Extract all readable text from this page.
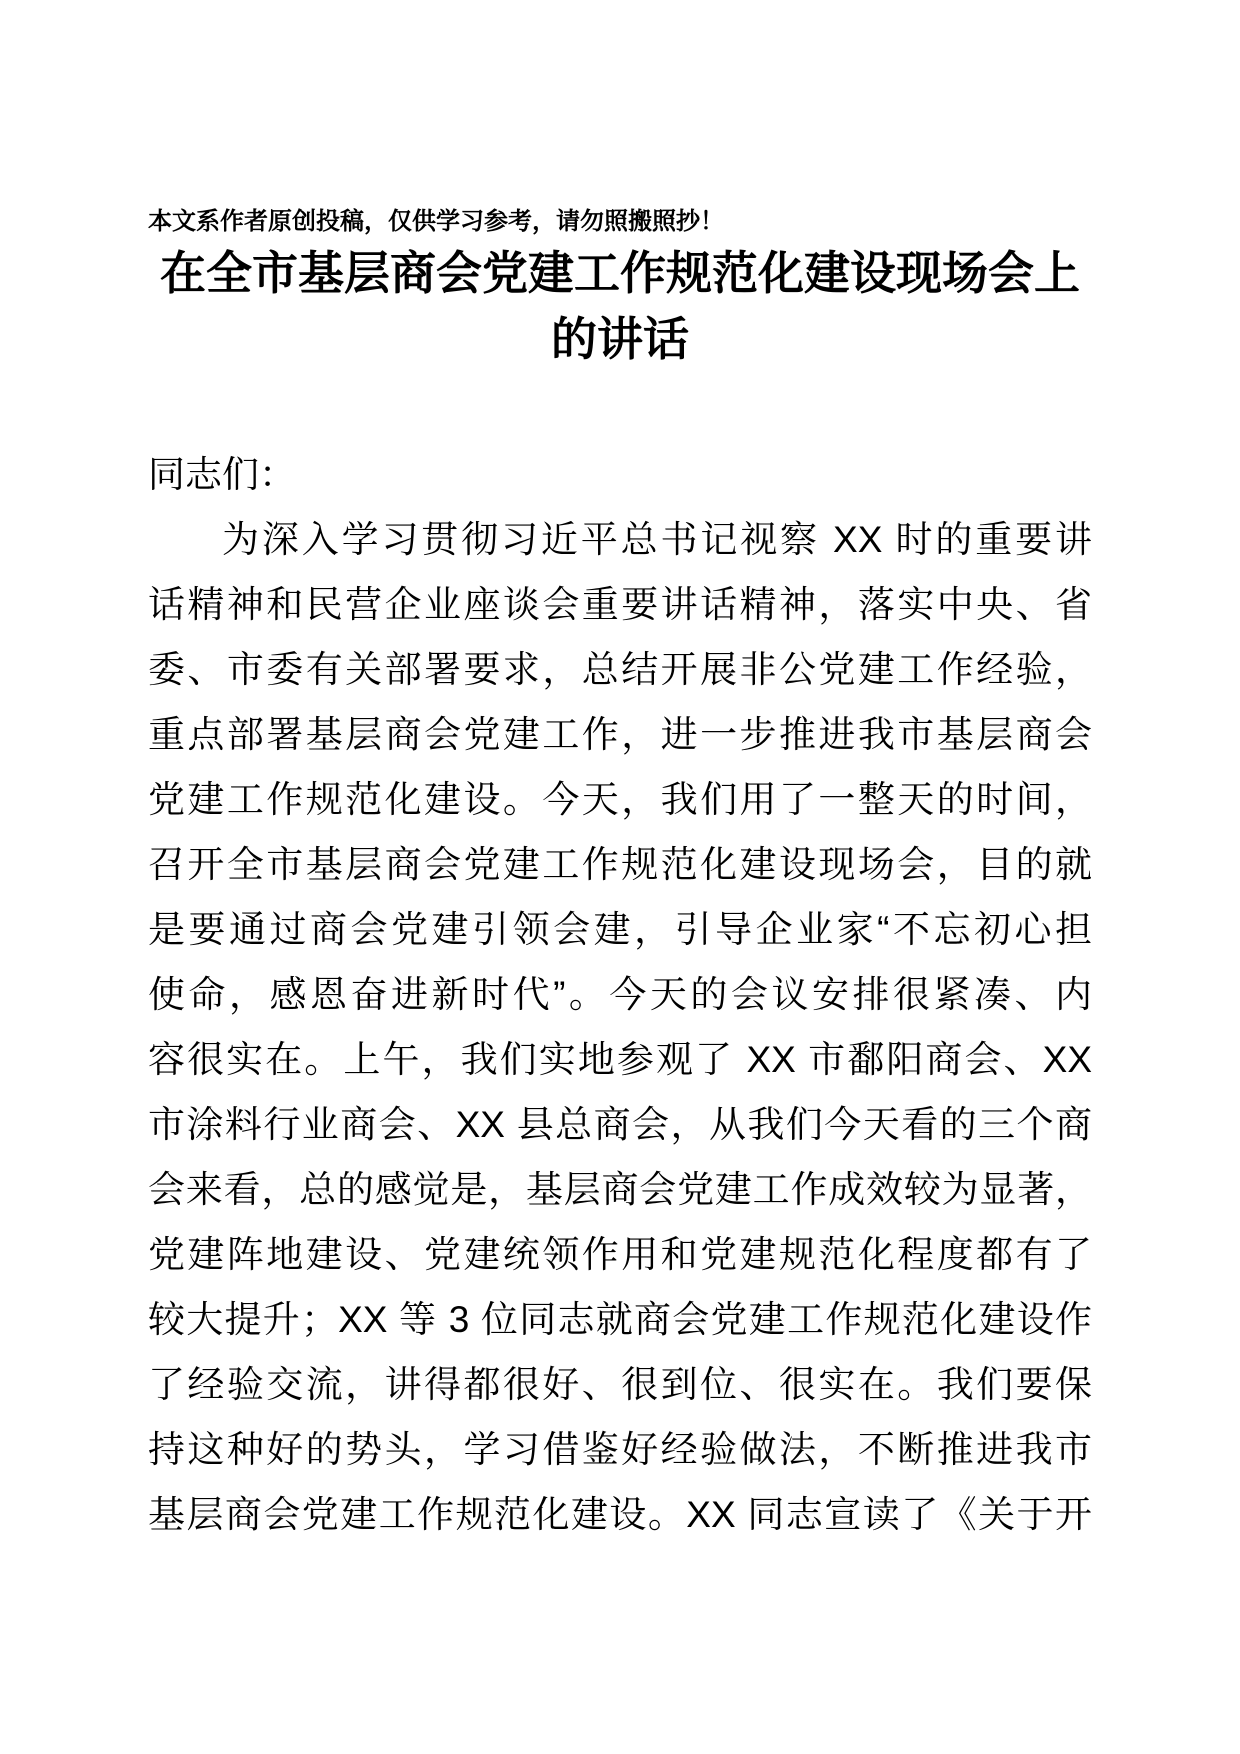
本文系作者原创投稿，仅供学习参考，请勿照搬照抄！
在全市基层商会党建工作规范化建设现场会上
的讲话
同志们：
为深入学习贯彻习近平总书记视察 XX 时的重要讲
话精神和民营企业座谈会重要讲话精神，落实中央、省
委、市委有关部署要求，总结开展非公党建工作经验，
重点部署基层商会党建工作，进一步推进我市基层商会
党建工作规范化建设。今天，我们用了一整天的时间，
召开全市基层商会党建工作规范化建设现场会，目的就
是要通过商会党建引领会建，引导企业家“不忘初心担
使命，感恩奋进新时代”。今天的会议安排很紧凑、内
容很实在。上午，我们实地参观了 XX 市鄱阳商会、XX
市涂料行业商会、XX 县总商会，从我们今天看的三个商
会来看，总的感觉是，基层商会党建工作成效较为显著，
党建阵地建设、党建统领作用和党建规范化程度都有了
较大提升；XX 等 3 位同志就商会党建工作规范化建设作
了经验交流，讲得都很好、很到位、很实在。我们要保
持这种好的势头，学习借鉴好经验做法，不断推进我市
基层商会党建工作规范化建设。XX 同志宣读了《关于开
